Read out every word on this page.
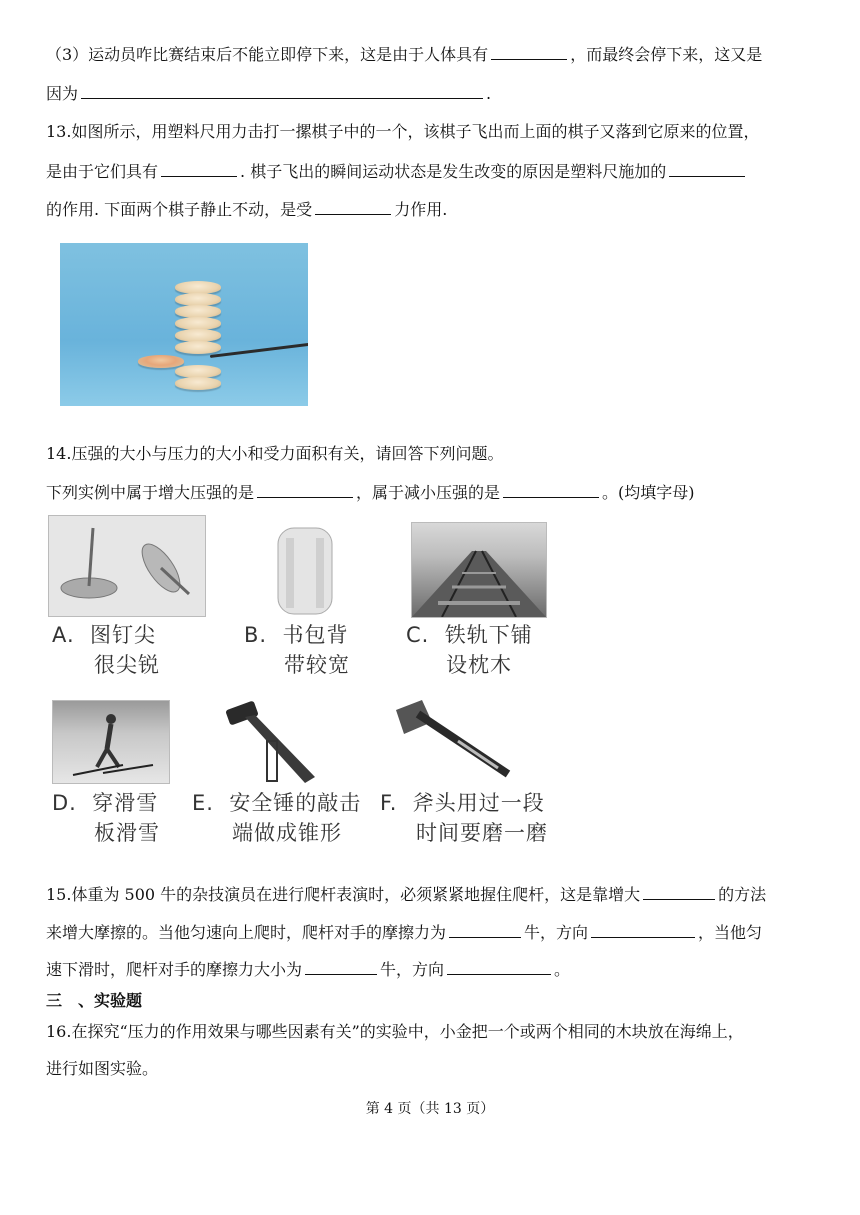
（3）运动员咋比赛结束后不能立即停下来，这是由于人体具有	，而最终会停下来，这又是
因为	.
13.如图所示，用塑料尺用力击打一摞棋子中的一个，该棋子飞出而上面的棋子又落到它原来的位置，
是由于它们具有	. 棋子飞出的瞬间运动状态是发生改变的原因是塑料尺施加的
的作用. 下面两个棋子静止不动，是受	力作用.
14.压强的大小与压力的大小和受力面积有关，请回答下列问题。
下列实例中属于增大压强的是	，属于减小压强的是	。(均填字母)
A. 图钉尖
很尖锐
B. 书包背
带较宽
C. 铁轨下铺
设枕木
D. 穿滑雪
板滑雪
E. 安全锤的敲击
端做成锥形
F. 斧头用过一段
时间要磨一磨
15.体重为 500 牛的杂技演员在进行爬杆表演时，必须紧紧地握住爬杆，这是靠增大	的方法
来增大摩擦的。当他匀速向上爬时，爬杆对手的摩擦力为	牛，方向	，当他匀
速下滑时，爬杆对手的摩擦力大小为	牛，方向	。
三　、实验题
16.在探究“压力的作用效果与哪些因素有关”的实验中，小金把一个或两个相同的木块放在海绵上，
进行如图实验。
第 4 页（共 13 页）
